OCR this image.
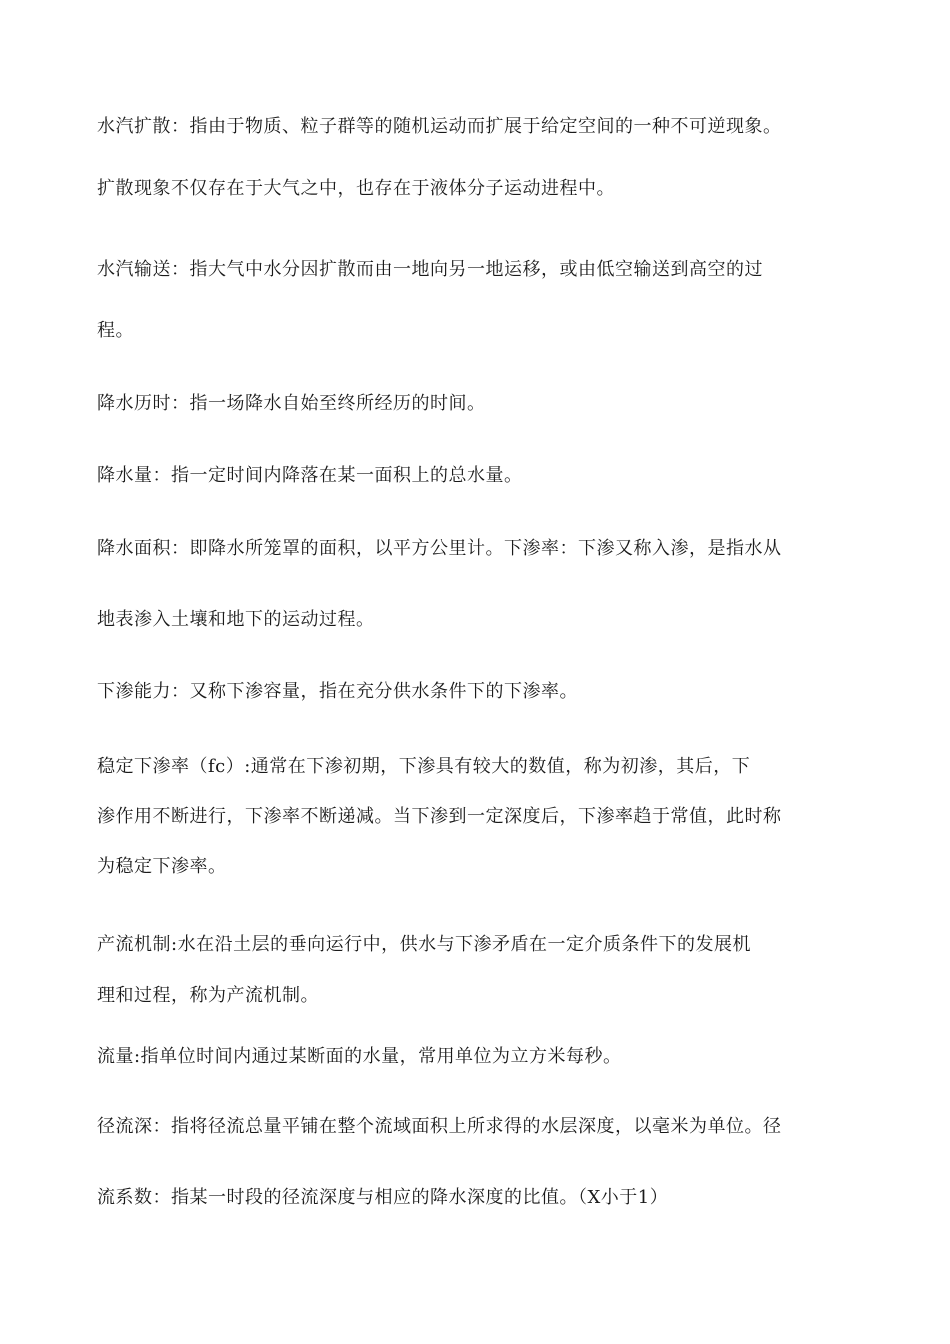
水汽扩散：指由于物质、粒子群等的随机运动而扩展于给定空间的一种不可逆现象。
扩散现象不仅存在于大气之中，也存在于液体分子运动进程中。
水汽输送：指大气中水分因扩散而由一地向另一地运移，或由低空输送到高空的过
程。
降水历时：指一场降水自始至终所经历的时间。
降水量：指一定时间内降落在某一面积上的总水量。
降水面积：即降水所笼罩的面积，以平方公里计。下渗率：下渗又称入渗，是指水从
地表渗入土壤和地下的运动过程。
下渗能力：又称下渗容量，指在充分供水条件下的下渗率。
稳定下渗率（fc）:通常在下渗初期，下渗具有较大的数值，称为初渗，其后，下
渗作用不断进行，下渗率不断递减。当下渗到一定深度后，下渗率趋于常值，此时称
为稳定下渗率。
产流机制:水在沿土层的垂向运行中，供水与下渗矛盾在一定介质条件下的发展机
理和过程，称为产流机制。
流量:指单位时间内通过某断面的水量，常用单位为立方米每秒。
径流深：指将径流总量平铺在整个流域面积上所求得的水层深度，以毫米为单位。径
流系数：指某一时段的径流深度与相应的降水深度的比值。（X小于1）
